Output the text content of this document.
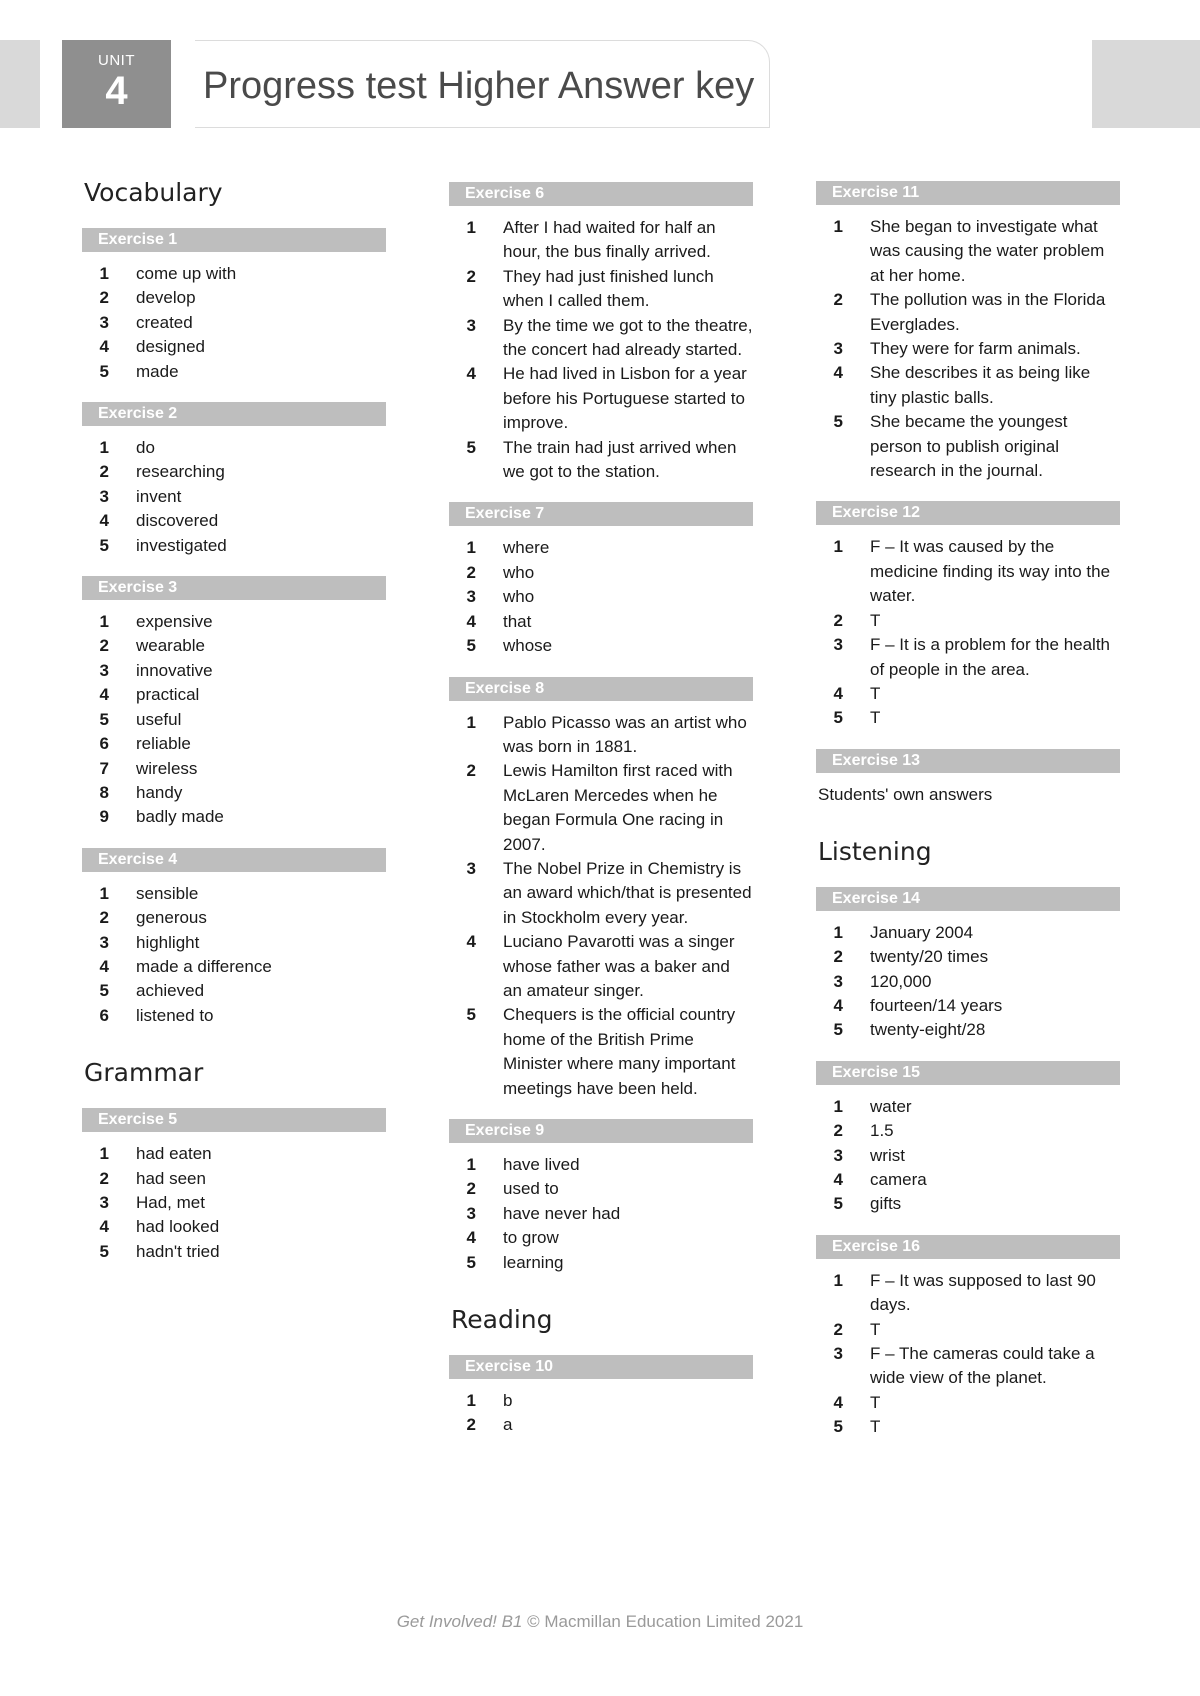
UNIT
4	Progress test Higher Answer key
Vocabulary
Exercise 1
1	come up with
2	develop
3	created
4	designed
5	made
Exercise 2
1	do
2	researching
3	invent
4	discovered
5	investigated
Exercise 3
1	expensive
2	wearable
3	innovative
4	practical
5	useful
6	reliable
7	wireless
8	handy
9	badly made
Exercise 4
1	sensible
2	generous
3	highlight
4	made a difference
5	achieved
6	listened to
Grammar
Exercise 5
1	had eaten
2	had seen
3	Had, met
4	had looked
5	hadn't tried
Exercise 6
1	After I had waited for half an hour, the bus finally arrived.
2	They had just finished lunch when I called them.
3	By the time we got to the theatre, the concert had already started.
4	He had lived in Lisbon for a year before his Portuguese started to improve.
5	The train had just arrived when we got to the station.
Exercise 7
1	where
2	who
3	who
4	that
5	whose
Exercise 8
1	Pablo Picasso was an artist who was born in 1881.
2	Lewis Hamilton first raced with McLaren Mercedes when he began Formula One racing in 2007.
3	The Nobel Prize in Chemistry is an award which/that is presented in Stockholm every year.
4	Luciano Pavarotti was a singer whose father was a baker and an amateur singer.
5	Chequers is the official country home of the British Prime Minister where many important meetings have been held.
Exercise 9
1	have lived
2	used to
3	have never had
4	to grow
5	learning
Reading
Exercise 10
1	b
2	a
Exercise 11
1	She began to investigate what was causing the water problem at her home.
2	The pollution was in the Florida Everglades.
3	They were for farm animals.
4	She describes it as being like tiny plastic balls.
5	She became the youngest person to publish original research in the journal.
Exercise 12
1	F – It was caused by the medicine finding its way into the water.
2	T
3	F – It is a problem for the health of people in the area.
4	T
5	T
Exercise 13
Students' own answers
Listening
Exercise 14
1	January 2004
2	twenty/20 times
3	120,000
4	fourteen/14 years
5	twenty-eight/28
Exercise 15
1	water
2	1.5
3	wrist
4	camera
5	gifts
Exercise 16
1	F – It was supposed to last 90 days.
2	T
3	F – The cameras could take a wide view of the planet.
4	T
5	T
Get Involved! B1 © Macmillan Education Limited 2021
